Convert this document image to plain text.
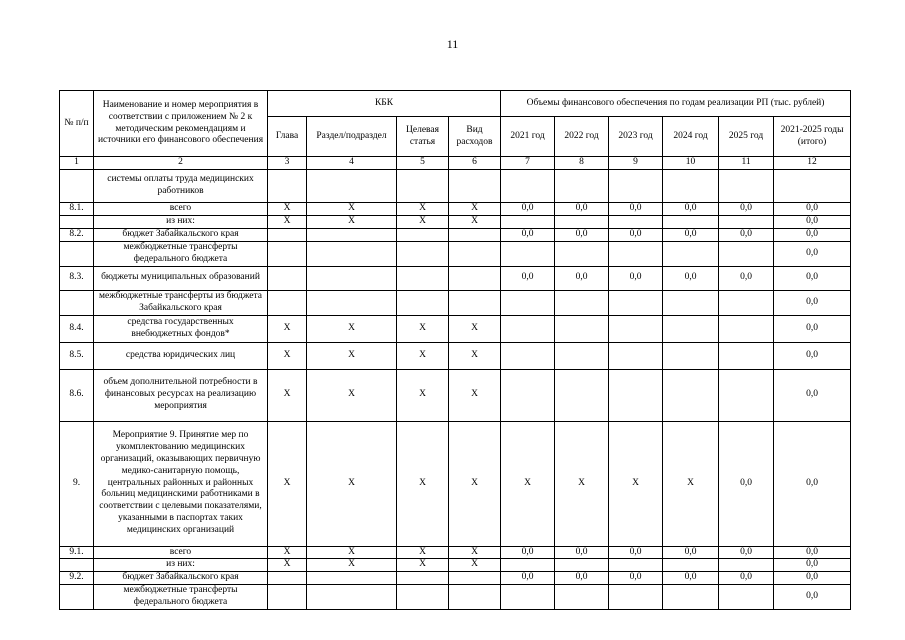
11
№ п/п	Наименование и номер мероприятия в соответствии с приложением № 2 к методическим рекомендациям и источники его финансового обеспечения	КБК				Объемы финансового обеспечения по годам реализации РП (тыс. рублей)					
		Глава	Раздел/подраздел	Целевая статья	Вид расходов	2021 год	2022 год	2023 год	2024 год	2025 год	2021-2025 годы (итого)
1	2	3	4	5	6	7	8	9	10	11	12
	системы оплаты труда медицинских работников										
8.1.	всего	X	X	X	X	0,0	0,0	0,0	0,0	0,0	0,0
	из них:	X	X	X	X						0,0
8.2.	бюджет Забайкальского края					0,0	0,0	0,0	0,0	0,0	0,0
	межбюджетные трансферты федерального бюджета										0,0
8.3.	бюджеты муниципальных образований					0,0	0,0	0,0	0,0	0,0	0,0
	межбюджетные трансферты из бюджета Забайкальского края										0,0
8.4.	средства государственных внебюджетных фондов*	X	X	X	X						0,0
8.5.	средства юридических лиц	X	X	X	X						0,0
8.6.	объем дополнительной потребности в финансовых ресурсах на реализацию мероприятия	X	X	X	X						0,0
9.	Мероприятие 9. Принятие мер по укомплектованию медицинских организаций, оказывающих первичную медико-санитарную помощь, центральных районных и районных больниц медицинскими работниками в соответствии с целевыми показателями, указанными в паспортах таких медицинских организаций	X	X	X	X	X	X	X	X	0,0	0,0
9.1.	всего	X	X	X	X	0,0	0,0	0,0	0,0	0,0	0,0
	из них:	X	X	X	X						0,0
9.2.	бюджет Забайкальского края					0,0	0,0	0,0	0,0	0,0	0,0
	межбюджетные трансферты федерального бюджета										0,0
